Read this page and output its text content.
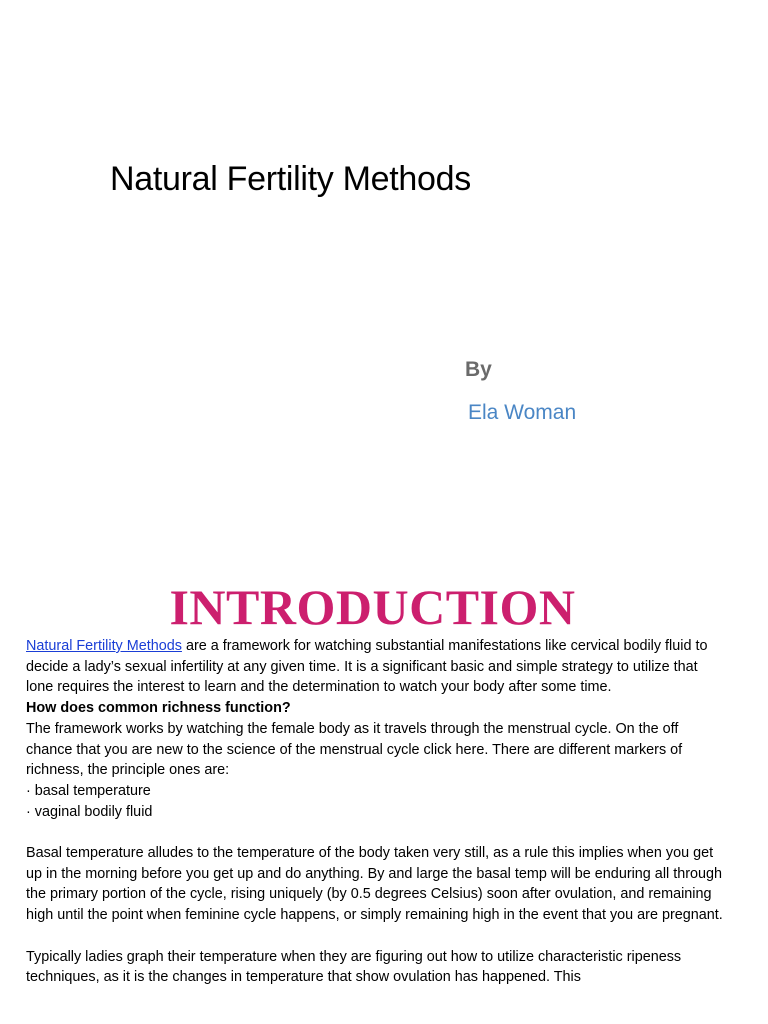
Natural Fertility Methods

By

Ela Woman

INTRODUCTION

Natural Fertility Methods are a framework for watching substantial manifestations like cervical bodily fluid to decide a lady’s sexual infertility at any given time. It is a significant basic and simple strategy to utilize that lone requires the interest to learn and the determination to watch your body after some time.

How does common richness function?

The framework works by watching the female body as it travels through the menstrual cycle. On the off chance that you are new to the science of the menstrual cycle click here. There are different markers of richness, the principle ones are:

· basal temperature

· vaginal bodily fluid

Basal temperature alludes to the temperature of the body taken very still, as a rule this implies when you get up in the morning before you get up and do anything. By and large the basal temp will be enduring all through the primary portion of the cycle, rising uniquely (by 0.5 degrees Celsius) soon after ovulation, and remaining high until the point when feminine cycle happens, or simply remaining high in the event that you are pregnant.

Typically ladies graph their temperature when they are figuring out how to utilize characteristic ripeness techniques, as it is the changes in temperature that show ovulation has happened. This
